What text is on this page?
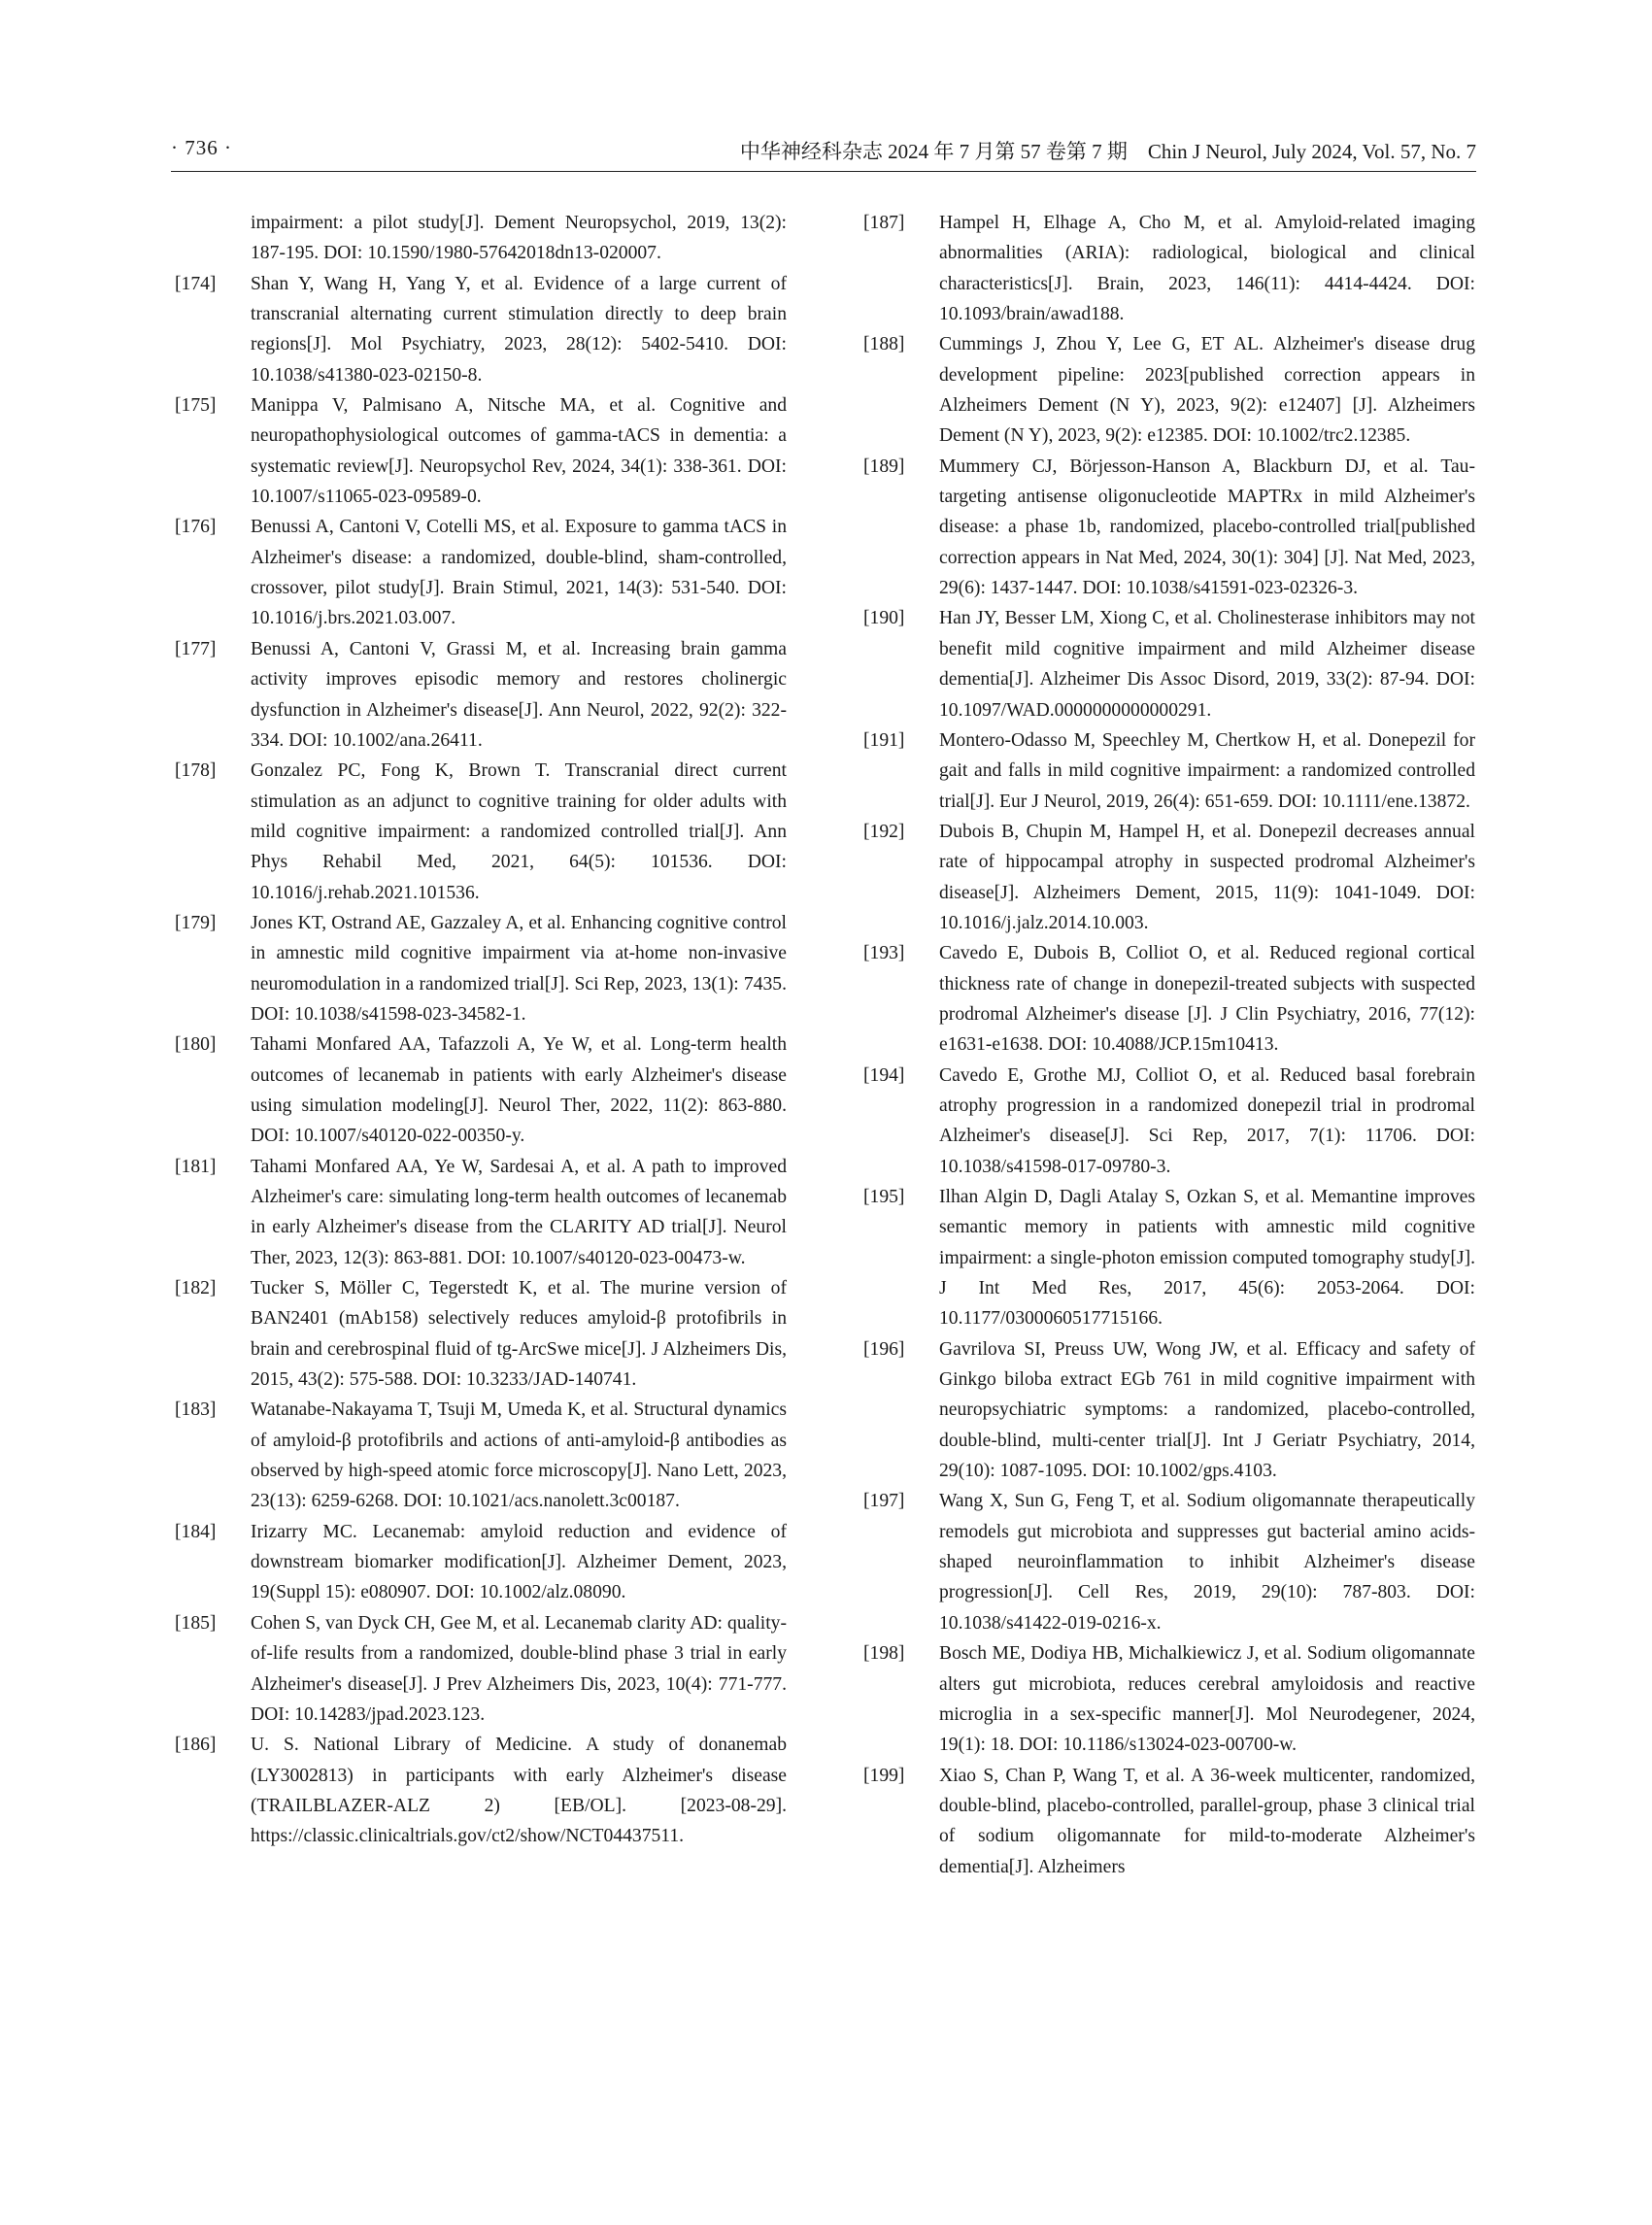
· 736 ·	中华神经科杂志 2024 年 7 月第 57 卷第 7 期　Chin J Neurol, July 2024, Vol. 57, No. 7
impairment: a pilot study[J]. Dement Neuropsychol, 2019, 13(2): 187-195. DOI: 10.1590/1980-57642018dn13-020007.
[174]	Shan Y, Wang H, Yang Y, et al. Evidence of a large current of transcranial alternating current stimulation directly to deep brain regions[J]. Mol Psychiatry, 2023, 28(12): 5402-5410. DOI: 10.1038/s41380-023-02150-8.
[175]	Manippa V, Palmisano A, Nitsche MA, et al. Cognitive and neuropathophysiological outcomes of gamma-tACS in dementia: a systematic review[J]. Neuropsychol Rev, 2024, 34(1): 338-361. DOI: 10.1007/s11065-023-09589-0.
[176]	Benussi A, Cantoni V, Cotelli MS, et al. Exposure to gamma tACS in Alzheimer's disease: a randomized, double-blind, sham-controlled, crossover, pilot study[J]. Brain Stimul, 2021, 14(3): 531-540. DOI: 10.1016/j.brs.2021.03.007.
[177]	Benussi A, Cantoni V, Grassi M, et al. Increasing brain gamma activity improves episodic memory and restores cholinergic dysfunction in Alzheimer's disease[J]. Ann Neurol, 2022, 92(2): 322-334. DOI: 10.1002/ana.26411.
[178]	Gonzalez PC, Fong K, Brown T. Transcranial direct current stimulation as an adjunct to cognitive training for older adults with mild cognitive impairment: a randomized controlled trial[J]. Ann Phys Rehabil Med, 2021, 64(5): 101536. DOI: 10.1016/j.rehab.2021.101536.
[179]	Jones KT, Ostrand AE, Gazzaley A, et al. Enhancing cognitive control in amnestic mild cognitive impairment via at-home non-invasive neuromodulation in a randomized trial[J]. Sci Rep, 2023, 13(1): 7435. DOI: 10.1038/s41598-023-34582-1.
[180]	Tahami Monfared AA, Tafazzoli A, Ye W, et al. Long-term health outcomes of lecanemab in patients with early Alzheimer's disease using simulation modeling[J]. Neurol Ther, 2022, 11(2): 863-880. DOI: 10.1007/s40120-022-00350-y.
[181]	Tahami Monfared AA, Ye W, Sardesai A, et al. A path to improved Alzheimer's care: simulating long-term health outcomes of lecanemab in early Alzheimer's disease from the CLARITY AD trial[J]. Neurol Ther, 2023, 12(3): 863-881. DOI: 10.1007/s40120-023-00473-w.
[182]	Tucker S, Möller C, Tegerstedt K, et al. The murine version of BAN2401 (mAb158) selectively reduces amyloid-β protofibrils in brain and cerebrospinal fluid of tg-ArcSwe mice[J]. J Alzheimers Dis, 2015, 43(2): 575-588. DOI: 10.3233/JAD-140741.
[183]	Watanabe-Nakayama T, Tsuji M, Umeda K, et al. Structural dynamics of amyloid-β protofibrils and actions of anti-amyloid-β antibodies as observed by high-speed atomic force microscopy[J]. Nano Lett, 2023, 23(13): 6259-6268. DOI: 10.1021/acs.nanolett.3c00187.
[184]	Irizarry MC. Lecanemab: amyloid reduction and evidence of downstream biomarker modification[J]. Alzheimer Dement, 2023, 19(Suppl 15): e080907. DOI: 10.1002/alz.08090.
[185]	Cohen S, van Dyck CH, Gee M, et al. Lecanemab clarity AD: quality-of-life results from a randomized, double-blind phase 3 trial in early Alzheimer's disease[J]. J Prev Alzheimers Dis, 2023, 10(4): 771-777. DOI: 10.14283/jpad.2023.123.
[186]	U. S. National Library of Medicine. A study of donanemab (LY3002813) in participants with early Alzheimer's disease (TRAILBLAZER-ALZ 2) [EB/OL]. [2023-08-29]. https://classic.clinicaltrials.gov/ct2/show/NCT04437511.
[187]	Hampel H, Elhage A, Cho M, et al. Amyloid-related imaging abnormalities (ARIA): radiological, biological and clinical characteristics[J]. Brain, 2023, 146(11): 4414-4424. DOI: 10.1093/brain/awad188.
[188]	Cummings J, Zhou Y, Lee G, ET AL. Alzheimer's disease drug development pipeline: 2023[published correction appears in Alzheimers Dement (N Y), 2023, 9(2): e12407] [J]. Alzheimers Dement (N Y), 2023, 9(2): e12385. DOI: 10.1002/trc2.12385.
[189]	Mummery CJ, Börjesson-Hanson A, Blackburn DJ, et al. Tau-targeting antisense oligonucleotide MAPTRx in mild Alzheimer's disease: a phase 1b, randomized, placebo-controlled trial[published correction appears in Nat Med, 2024, 30(1): 304] [J]. Nat Med, 2023, 29(6): 1437-1447. DOI: 10.1038/s41591-023-02326-3.
[190]	Han JY, Besser LM, Xiong C, et al. Cholinesterase inhibitors may not benefit mild cognitive impairment and mild Alzheimer disease dementia[J]. Alzheimer Dis Assoc Disord, 2019, 33(2): 87-94. DOI: 10.1097/WAD.0000000000000291.
[191]	Montero-Odasso M, Speechley M, Chertkow H, et al. Donepezil for gait and falls in mild cognitive impairment: a randomized controlled trial[J]. Eur J Neurol, 2019, 26(4): 651-659. DOI: 10.1111/ene.13872.
[192]	Dubois B, Chupin M, Hampel H, et al. Donepezil decreases annual rate of hippocampal atrophy in suspected prodromal Alzheimer's disease[J]. Alzheimers Dement, 2015, 11(9): 1041-1049. DOI: 10.1016/j.jalz.2014.10.003.
[193]	Cavedo E, Dubois B, Colliot O, et al. Reduced regional cortical thickness rate of change in donepezil-treated subjects with suspected prodromal Alzheimer's disease [J]. J Clin Psychiatry, 2016, 77(12): e1631-e1638. DOI: 10.4088/JCP.15m10413.
[194]	Cavedo E, Grothe MJ, Colliot O, et al. Reduced basal forebrain atrophy progression in a randomized donepezil trial in prodromal Alzheimer's disease[J]. Sci Rep, 2017, 7(1): 11706. DOI: 10.1038/s41598-017-09780-3.
[195]	Ilhan Algin D, Dagli Atalay S, Ozkan S, et al. Memantine improves semantic memory in patients with amnestic mild cognitive impairment: a single-photon emission computed tomography study[J]. J Int Med Res, 2017, 45(6): 2053-2064. DOI: 10.1177/0300060517715166.
[196]	Gavrilova SI, Preuss UW, Wong JW, et al. Efficacy and safety of Ginkgo biloba extract EGb 761 in mild cognitive impairment with neuropsychiatric symptoms: a randomized, placebo-controlled, double-blind, multi-center trial[J]. Int J Geriatr Psychiatry, 2014, 29(10): 1087-1095. DOI: 10.1002/gps.4103.
[197]	Wang X, Sun G, Feng T, et al. Sodium oligomannate therapeutically remodels gut microbiota and suppresses gut bacterial amino acids-shaped neuroinflammation to inhibit Alzheimer's disease progression[J]. Cell Res, 2019, 29(10): 787-803. DOI: 10.1038/s41422-019-0216-x.
[198]	Bosch ME, Dodiya HB, Michalkiewicz J, et al. Sodium oligomannate alters gut microbiota, reduces cerebral amyloidosis and reactive microglia in a sex-specific manner[J]. Mol Neurodegener, 2024, 19(1): 18. DOI: 10.1186/s13024-023-00700-w.
[199]	Xiao S, Chan P, Wang T, et al. A 36-week multicenter, randomized, double-blind, placebo-controlled, parallel-group, phase 3 clinical trial of sodium oligomannate for mild-to-moderate Alzheimer's dementia[J]. Alzheimers
